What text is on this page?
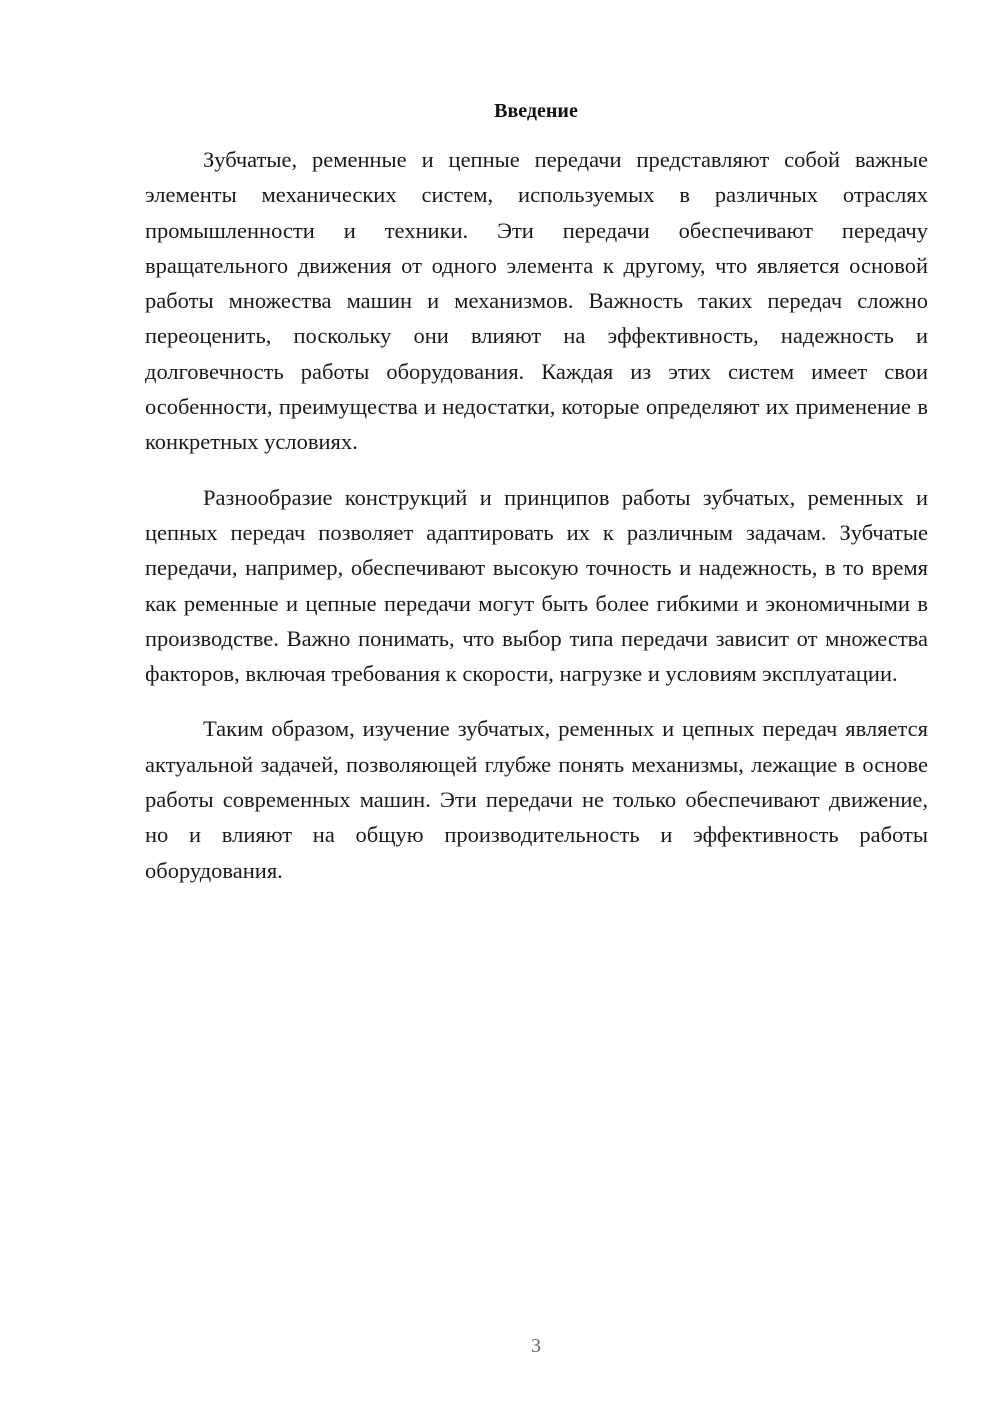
Введение

Зубчатые, ременные и цепные передачи представляют собой важные элементы механических систем, используемых в различных отраслях промышленности и техники. Эти передачи обеспечивают передачу вращательного движения от одного элемента к другому, что является основой работы множества машин и механизмов. Важность таких передач сложно переоценить, поскольку они влияют на эффективность, надежность и долговечность работы оборудования. Каждая из этих систем имеет свои особенности, преимущества и недостатки, которые определяют их применение в конкретных условиях.

Разнообразие конструкций и принципов работы зубчатых, ременных и цепных передач позволяет адаптировать их к различным задачам. Зубчатые передачи, например, обеспечивают высокую точность и надежность, в то время как ременные и цепные передачи могут быть более гибкими и экономичными в производстве. Важно понимать, что выбор типа передачи зависит от множества факторов, включая требования к скорости, нагрузке и условиям эксплуатации.

Таким образом, изучение зубчатых, ременных и цепных передач является актуальной задачей, позволяющей глубже понять механизмы, лежащие в основе работы современных машин. Эти передачи не только обеспечивают движение, но и влияют на общую производительность и эффективность работы оборудования.

3
